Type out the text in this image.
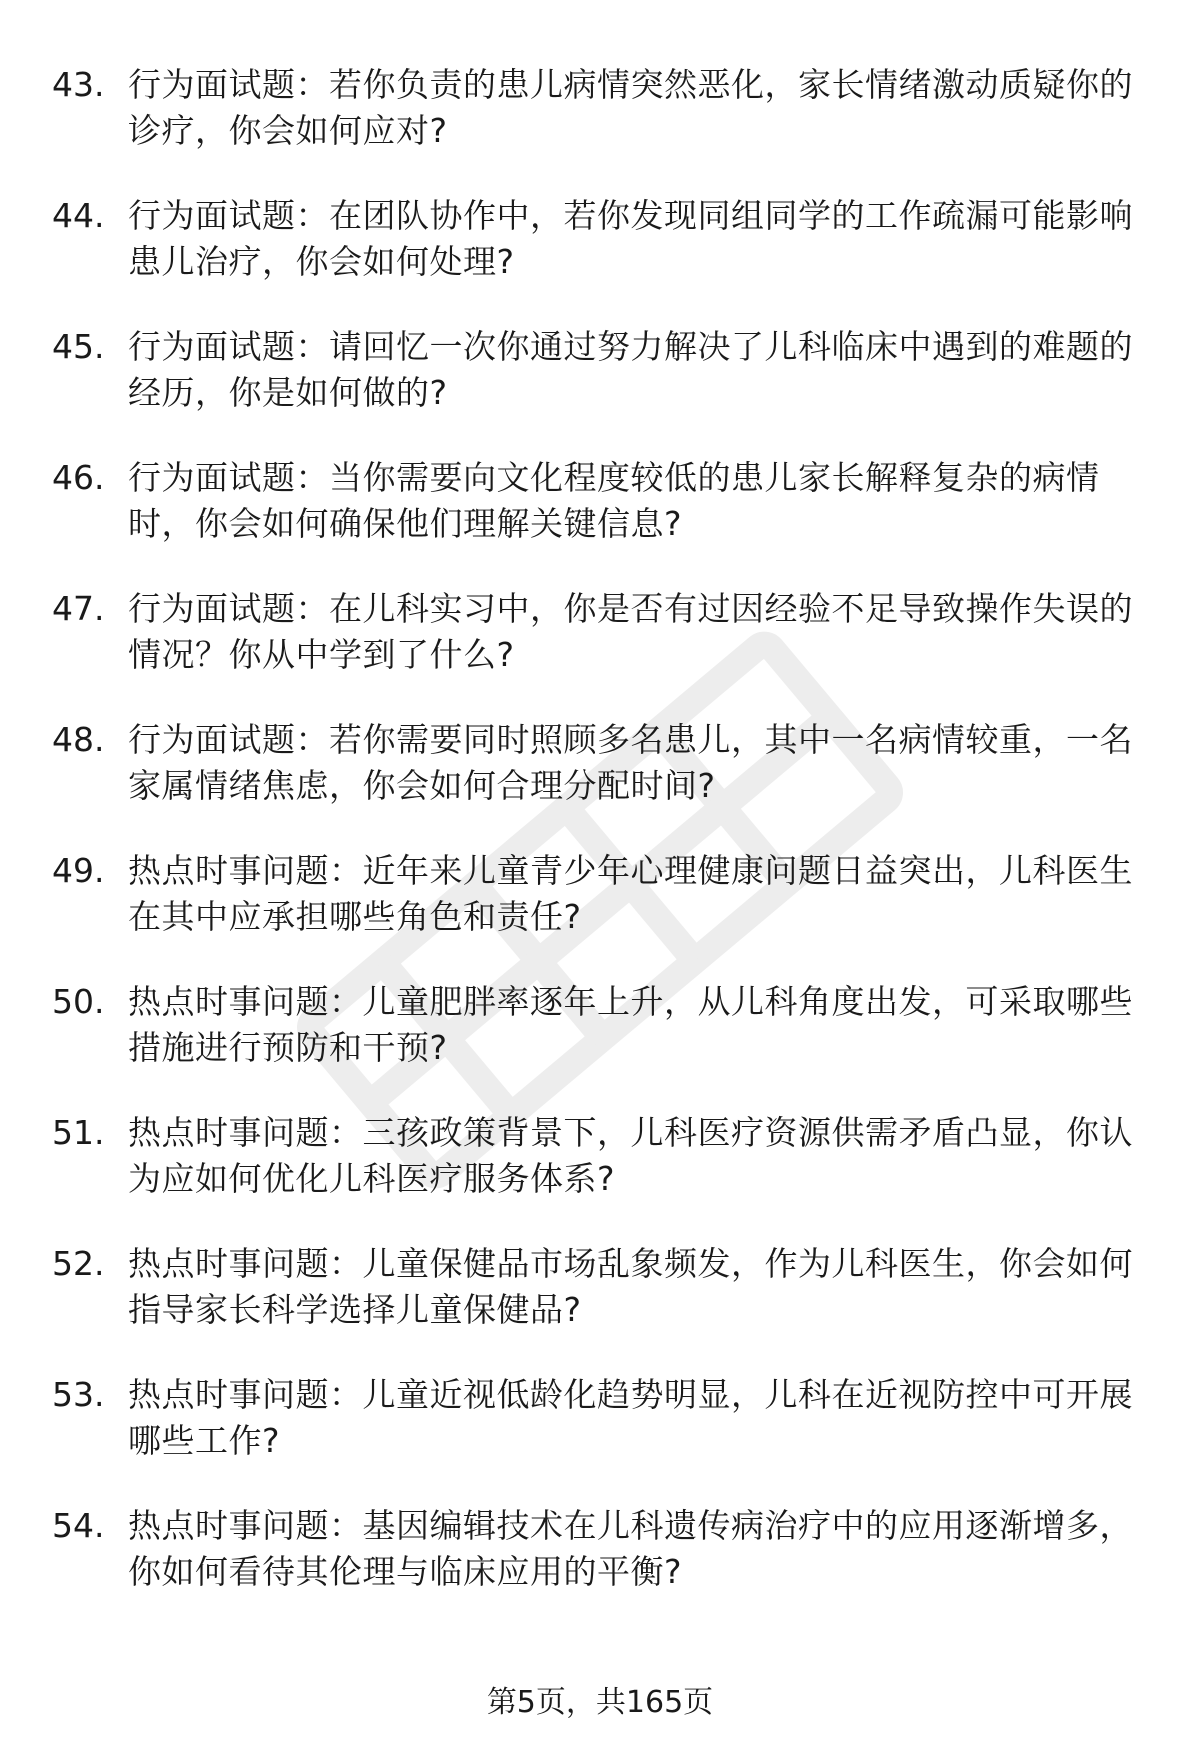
43. 行为面试题：若你负责的患儿病情突然恶化，家长情绪激动质疑你的诊疗，你会如何应对?
44. 行为面试题：在团队协作中，若你发现同组同学的工作疏漏可能影响患儿治疗，你会如何处理?
45. 行为面试题：请回忆一次你通过努力解决了儿科临床中遇到的难题的经历，你是如何做的?
46. 行为面试题：当你需要向文化程度较低的患儿家长解释复杂的病情时，你会如何确保他们理解关键信息?
47. 行为面试题：在儿科实习中，你是否有过因经验不足导致操作失误的情况？你从中学到了什么?
48. 行为面试题：若你需要同时照顾多名患儿，其中一名病情较重，一名家属情绪焦虑，你会如何合理分配时间?
49. 热点时事问题：近年来儿童青少年心理健康问题日益突出，儿科医生在其中应承担哪些角色和责任?
50. 热点时事问题：儿童肥胖率逐年上升，从儿科角度出发，可采取哪些措施进行预防和干预?
51. 热点时事问题：三孩政策背景下，儿科医疗资源供需矛盾凸显，你认为应如何优化儿科医疗服务体系?
52. 热点时事问题：儿童保健品市场乱象频发，作为儿科医生，你会如何指导家长科学选择儿童保健品?
53. 热点时事问题：儿童近视低龄化趋势明显，儿科在近视防控中可开展哪些工作?
54. 热点时事问题：基因编辑技术在儿科遗传病治疗中的应用逐渐增多，你如何看待其伦理与临床应用的平衡?
第5页，共165页
